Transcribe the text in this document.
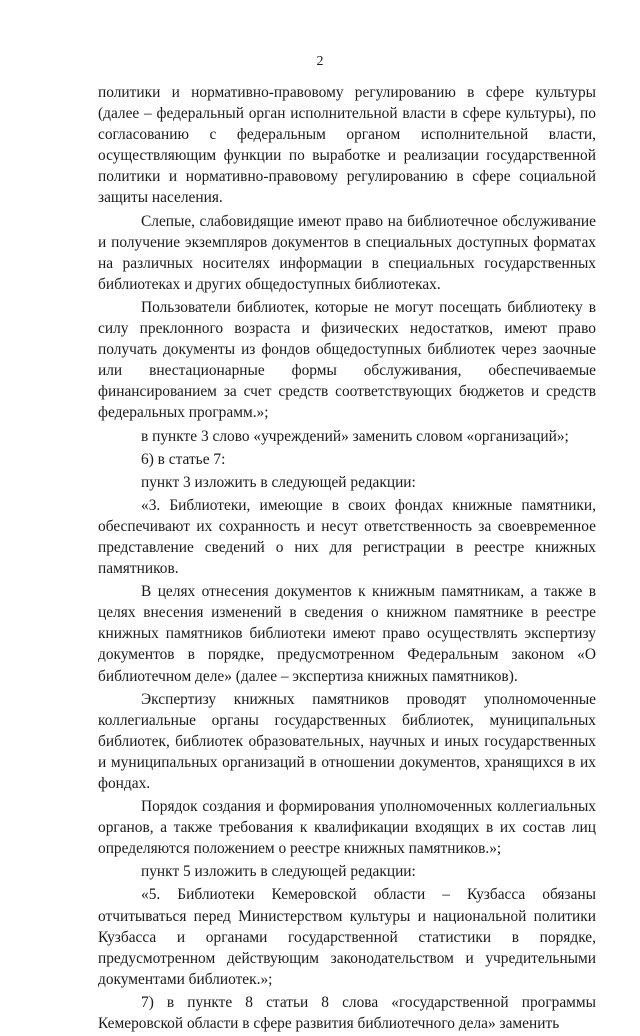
2

политики и нормативно-правовому регулированию в сфере культуры (далее – федеральный орган исполнительной власти в сфере культуры), по согласованию с федеральным органом исполнительной власти, осуществляющим функции по выработке и реализации государственной политики и нормативно-правовому регулированию в сфере социальной защиты населения.

Слепые, слабовидящие имеют право на библиотечное обслуживание и получение экземпляров документов в специальных доступных форматах на различных носителях информации в специальных государственных библиотеках и других общедоступных библиотеках.

Пользователи библиотек, которые не могут посещать библиотеку в силу преклонного возраста и физических недостатков, имеют право получать документы из фондов общедоступных библиотек через заочные или внестационарные формы обслуживания, обеспечиваемые финансированием за счет средств соответствующих бюджетов и средств федеральных программ.»;

в пункте 3 слово «учреждений» заменить словом «организаций»;

6) в статье 7:

пункт 3 изложить в следующей редакции:

«3. Библиотеки, имеющие в своих фондах книжные памятники, обеспечивают их сохранность и несут ответственность за своевременное представление сведений о них для регистрации в реестре книжных памятников.

В целях отнесения документов к книжным памятникам, а также в целях внесения изменений в сведения о книжном памятнике в реестре книжных памятников библиотеки имеют право осуществлять экспертизу документов в порядке, предусмотренном Федеральным законом «О библиотечном деле» (далее – экспертиза книжных памятников).

Экспертизу книжных памятников проводят уполномоченные коллегиальные органы государственных библиотек, муниципальных библиотек, библиотек образовательных, научных и иных государственных и муниципальных организаций в отношении документов, хранящихся в их фондах.

Порядок создания и формирования уполномоченных коллегиальных органов, а также требования к квалификации входящих в их состав лиц определяются положением о реестре книжных памятников.»;

пункт 5 изложить в следующей редакции:

«5. Библиотеки Кемеровской области – Кузбасса обязаны отчитываться перед Министерством культуры и национальной политики Кузбасса и органами государственной статистики в порядке, предусмотренном действующим законодательством и учредительными документами библиотек.»;

7) в пункте 8 статьи 8 слова «государственной программы Кемеровской области в сфере развития библиотечного дела» заменить
